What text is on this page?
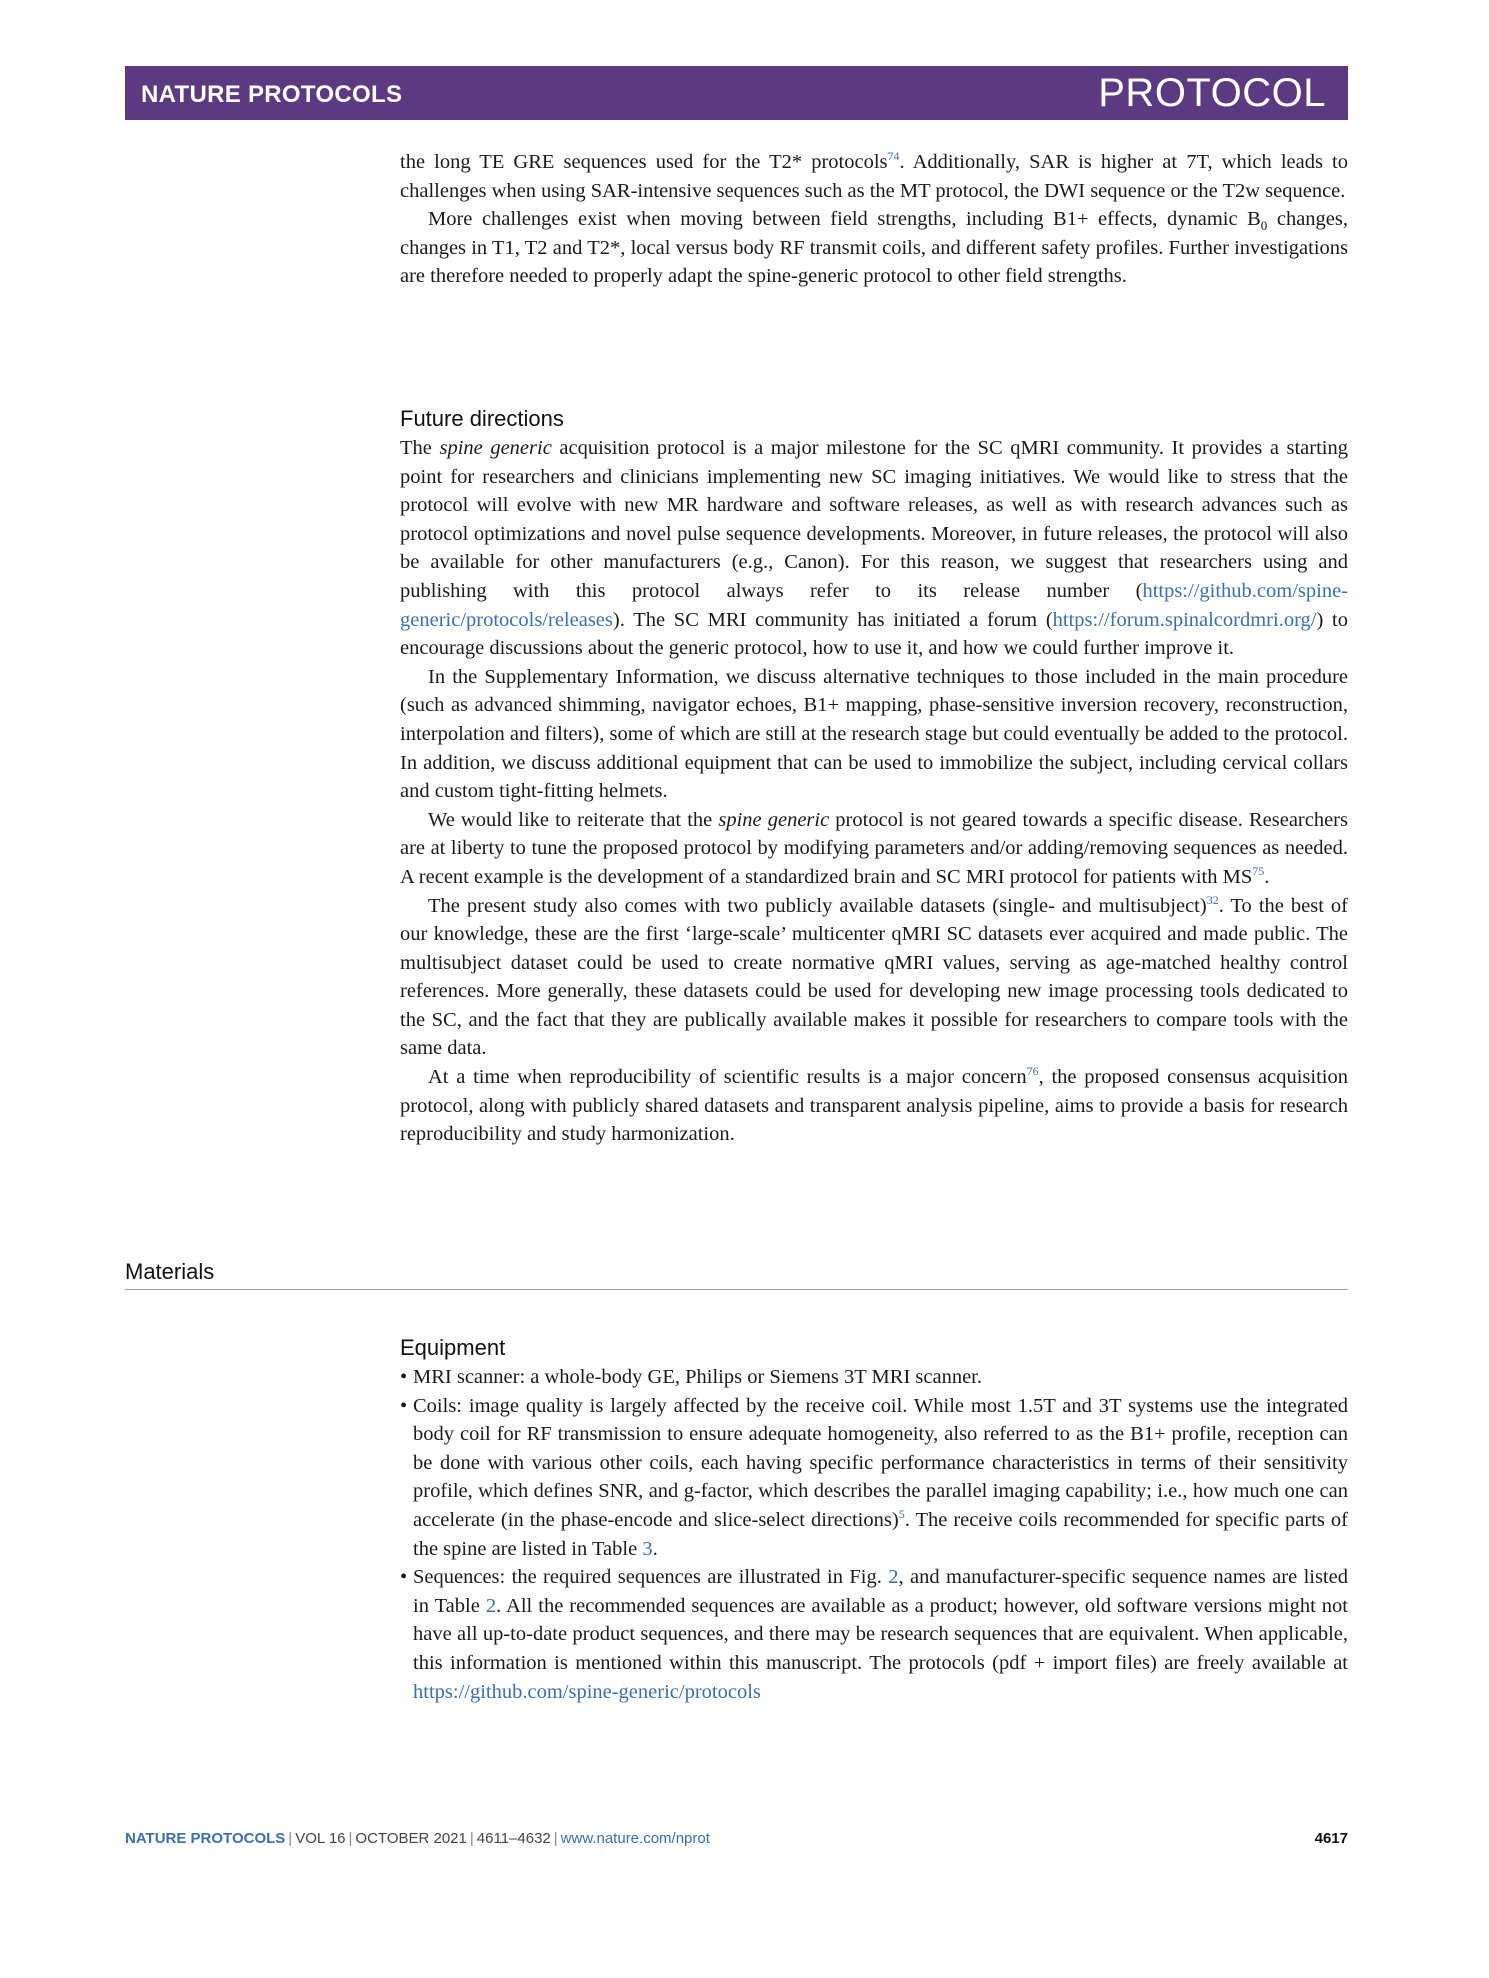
NATURE PROTOCOLS	PROTOCOL

the long TE GRE sequences used for the T2* protocols$^{74}$. Additionally, SAR is higher at 7T, which leads to challenges when using SAR-intensive sequences such as the MT protocol, the DWI sequence or the T2w sequence.

More challenges exist when moving between field strengths, including B1+ effects, dynamic $B_0$ changes, changes in T1, T2 and T2*, local versus body RF transmit coils, and different safety profiles. Further investigations are therefore needed to properly adapt the spine-generic protocol to other field strengths.

Future directions

The spine generic acquisition protocol is a major milestone for the SC qMRI community. It provides a starting point for researchers and clinicians implementing new SC imaging initiatives. We would like to stress that the protocol will evolve with new MR hardware and software releases, as well as with research advances such as protocol optimizations and novel pulse sequence developments. Moreover, in future releases, the protocol will also be available for other manufacturers (e.g., Canon). For this reason, we suggest that researchers using and publishing with this protocol always refer to its release number (https://github.com/spine-generic/protocols/releases). The SC MRI community has initiated a forum (https://forum.spinalcordmri.org/) to encourage discussions about the generic protocol, how to use it, and how we could further improve it.

In the Supplementary Information, we discuss alternative techniques to those included in the main procedure (such as advanced shimming, navigator echoes, B1+ mapping, phase-sensitive inversion recovery, reconstruction, interpolation and filters), some of which are still at the research stage but could eventually be added to the protocol. In addition, we discuss additional equipment that can be used to immobilize the subject, including cervical collars and custom tight-fitting helmets.

We would like to reiterate that the spine generic protocol is not geared towards a specific disease. Researchers are at liberty to tune the proposed protocol by modifying parameters and/or adding/removing sequences as needed. A recent example is the development of a standardized brain and SC MRI protocol for patients with MS$^{75}$.

The present study also comes with two publicly available datasets (single- and multisubject)$^{32}$. To the best of our knowledge, these are the first ‘large-scale’ multicenter qMRI SC datasets ever acquired and made public. The multisubject dataset could be used to create normative qMRI values, serving as age-matched healthy control references. More generally, these datasets could be used for developing new image processing tools dedicated to the SC, and the fact that they are publically available makes it possible for researchers to compare tools with the same data.

At a time when reproducibility of scientific results is a major concern$^{76}$, the proposed consensus acquisition protocol, along with publicly shared datasets and transparent analysis pipeline, aims to provide a basis for research reproducibility and study harmonization.

Materials
Equipment
• MRI scanner: a whole-body GE, Philips or Siemens 3T MRI scanner.
• Coils: image quality is largely affected by the receive coil. While most 1.5T and 3T systems use the integrated body coil for RF transmission to ensure adequate homogeneity, also referred to as the B1+ profile, reception can be done with various other coils, each having specific performance characteristics in terms of their sensitivity profile, which defines SNR, and g-factor, which describes the parallel imaging capability; i.e., how much one can accelerate (in the phase-encode and slice-select directions)$^5$. The receive coils recommended for specific parts of the spine are listed in Table 3.
• Sequences: the required sequences are illustrated in Fig. 2, and manufacturer-specific sequence names are listed in Table 2. All the recommended sequences are available as a product; however, old software versions might not have all up-to-date product sequences, and there may be research sequences that are equivalent. When applicable, this information is mentioned within this manuscript. The protocols (pdf + import files) are freely available at https://github.com/spine-generic/protocols
NATURE PROTOCOLS | VOL 16 | OCTOBER 2021 | 4611–4632 | www.nature.com/nprot	4617
